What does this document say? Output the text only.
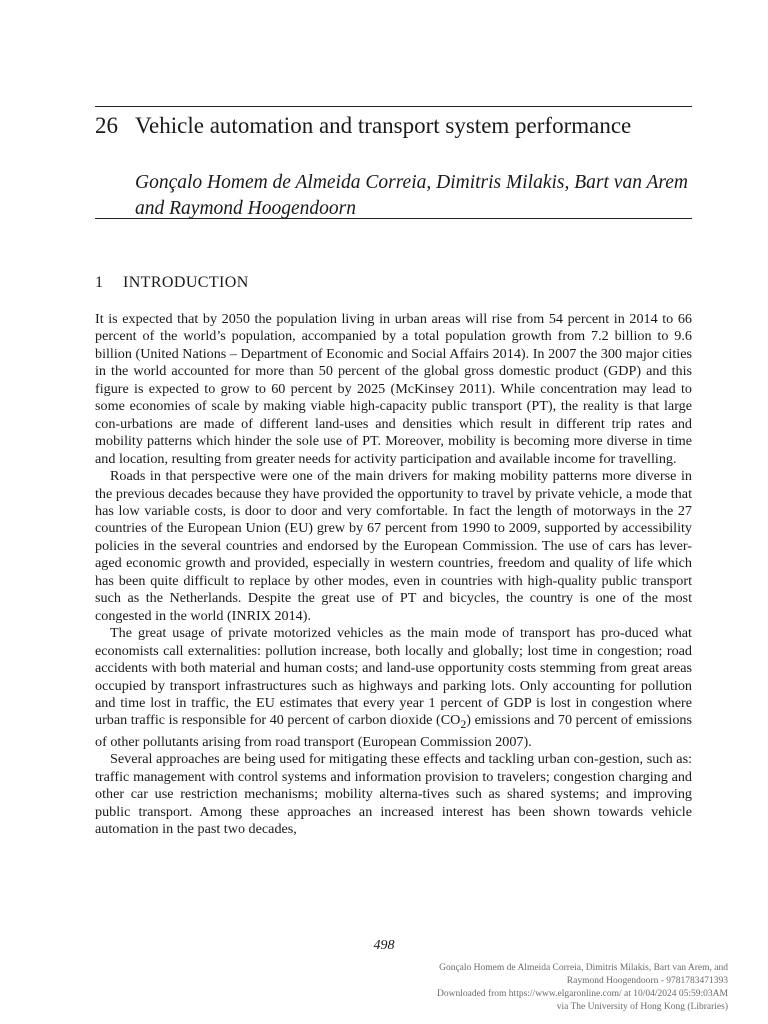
26 Vehicle automation and transport system performance
Gonçalo Homem de Almeida Correia, Dimitris Milakis, Bart van Arem and Raymond Hoogendoorn
1 INTRODUCTION

It is expected that by 2050 the population living in urban areas will rise from 54 percent in 2014 to 66 percent of the world’s population, accompanied by a total population growth from 7.2 billion to 9.6 billion (United Nations – Department of Economic and Social Affairs 2014). In 2007 the 300 major cities in the world accounted for more than 50 percent of the global gross domestic product (GDP) and this figure is expected to grow to 60 percent by 2025 (McKinsey 2011). While concentration may lead to some economies of scale by making viable high-capacity public transport (PT), the reality is that large con-urbations are made of different land-uses and densities which result in different trip rates and mobility patterns which hinder the sole use of PT. Moreover, mobility is becoming more diverse in time and location, resulting from greater needs for activity participation and available income for travelling.

Roads in that perspective were one of the main drivers for making mobility patterns more diverse in the previous decades because they have provided the opportunity to travel by private vehicle, a mode that has low variable costs, is door to door and very comfortable. In fact the length of motorways in the 27 countries of the European Union (EU) grew by 67 percent from 1990 to 2009, supported by accessibility policies in the several countries and endorsed by the European Commission. The use of cars has lever-aged economic growth and provided, especially in western countries, freedom and quality of life which has been quite difficult to replace by other modes, even in countries with high-quality public transport such as the Netherlands. Despite the great use of PT and bicycles, the country is one of the most congested in the world (INRIX 2014).

The great usage of private motorized vehicles as the main mode of transport has pro-duced what economists call externalities: pollution increase, both locally and globally; lost time in congestion; road accidents with both material and human costs; and land-use opportunity costs stemming from great areas occupied by transport infrastructures such as highways and parking lots. Only accounting for pollution and time lost in traffic, the EU estimates that every year 1 percent of GDP is lost in congestion where urban traffic is responsible for 40 percent of carbon dioxide $(CO_2)$ emissions and 70 percent of emissions of other pollutants arising from road transport (European Commission 2007).

Several approaches are being used for mitigating these effects and tackling urban con-gestion, such as: traffic management with control systems and information provision to travelers; congestion charging and other car use restriction mechanisms; mobility alterna-tives such as shared systems; and improving public transport. Among these approaches an increased interest has been shown towards vehicle automation in the past two decades,

498
Gonçalo Homem de Almeida Correia, Dimitris Milakis, Bart van Arem, and
Raymond Hoogendoorn - 9781783471393
Downloaded from https://www.elgaronline.com/ at 10/04/2024 05:59:03AM
via The University of Hong Kong (Libraries)
